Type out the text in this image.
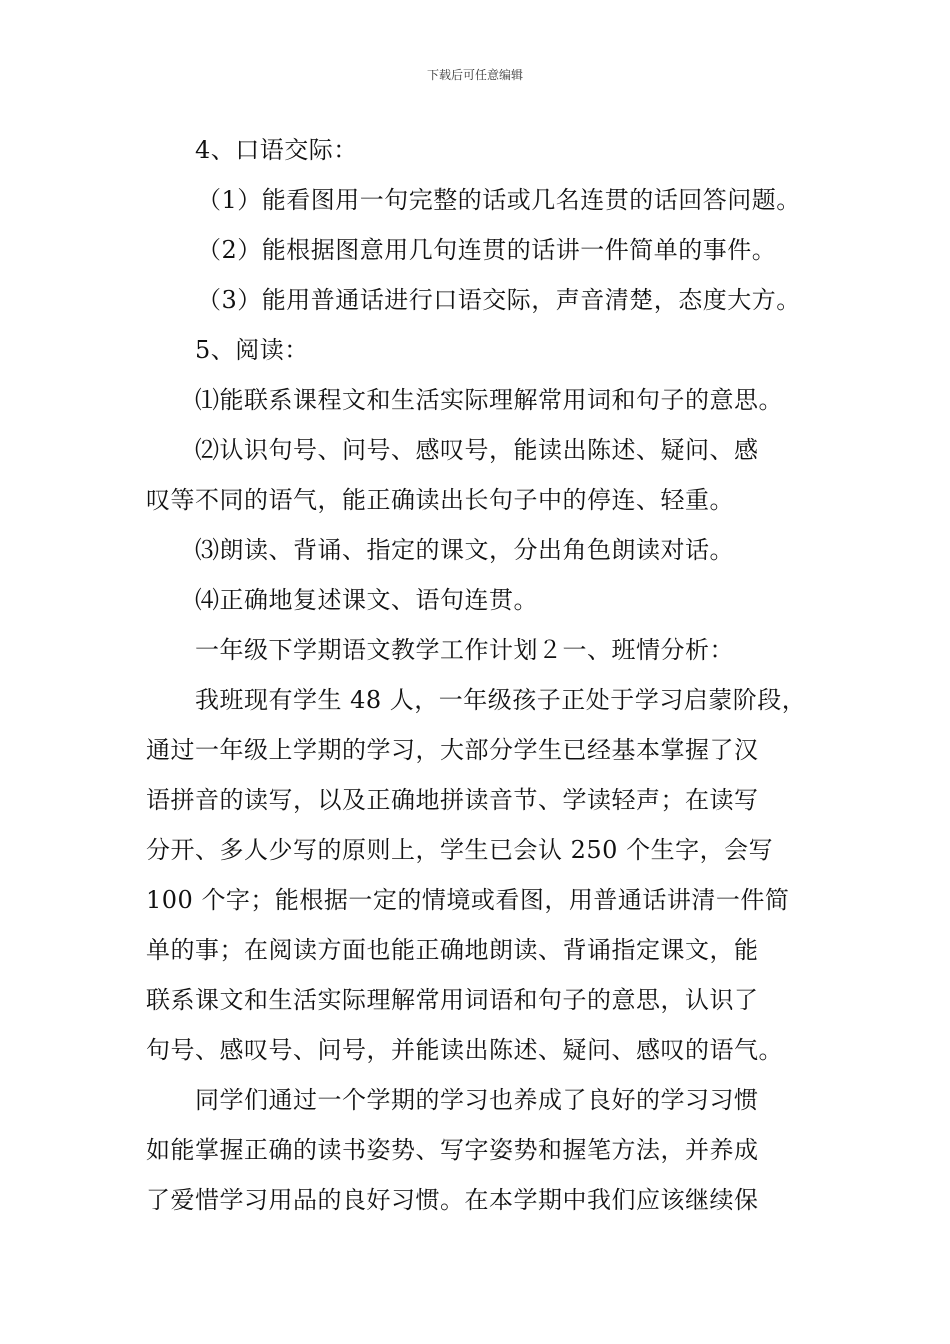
下载后可任意编辑
4、口语交际：
（1）能看图用一句完整的话或几名连贯的话回答问题。
（2）能根据图意用几句连贯的话讲一件简单的事件。
（3）能用普通话进行口语交际，声音清楚，态度大方。
5、阅读：
⑴能联系课程文和生活实际理解常用词和句子的意思。
⑵认识句号、问号、感叹号，能读出陈述、疑问、感
叹等不同的语气，能正确读出长句子中的停连、轻重。
⑶朗读、背诵、指定的课文，分出角色朗读对话。
⑷正确地复述课文、语句连贯。
一年级下学期语文教学工作计划２一、班情分析：
我班现有学生 48 人，一年级孩子正处于学习启蒙阶段，
通过一年级上学期的学习，大部分学生已经基本掌握了汉
语拼音的读写，以及正确地拼读音节、学读轻声；在读写
分开、多人少写的原则上，学生已会认 250 个生字，会写
100 个字；能根据一定的情境或看图，用普通话讲清一件简
单的事；在阅读方面也能正确地朗读、背诵指定课文，能
联系课文和生活实际理解常用词语和句子的意思，认识了
句号、感叹号、问号，并能读出陈述、疑问、感叹的语气。
同学们通过一个学期的学习也养成了良好的学习习惯
如能掌握正确的读书姿势、写字姿势和握笔方法，并养成
了爱惜学习用品的良好习惯。在本学期中我们应该继续保
